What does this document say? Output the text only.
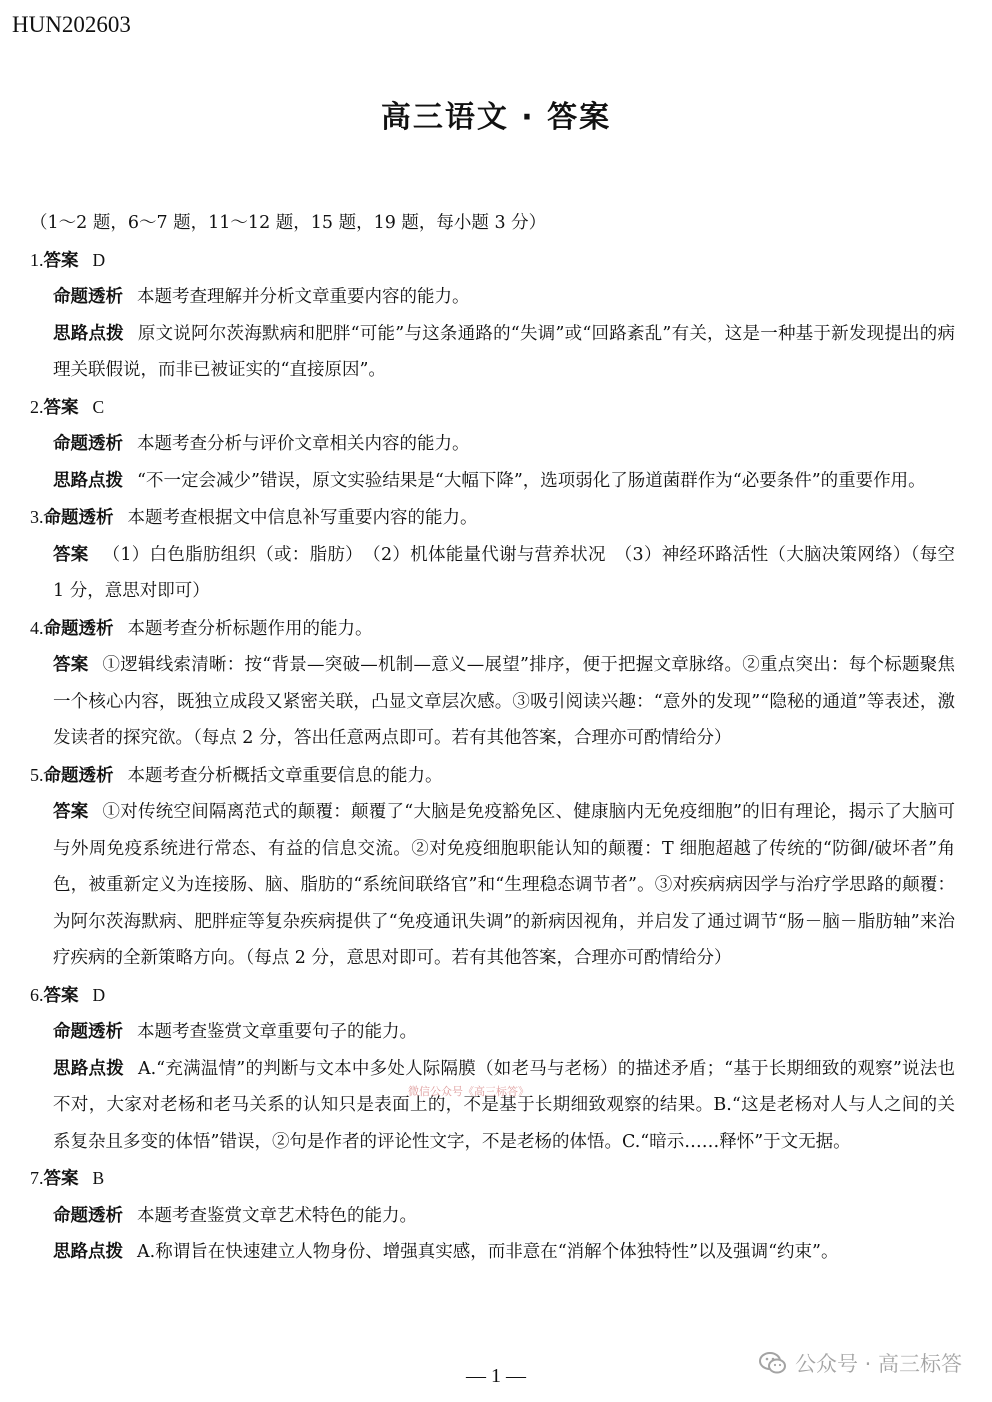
HUN202603
高三语文 · 答案

（1～2 题，6～7 题，11～12 题，15 题，19 题，每小题 3 分）

1.答案 D

命题透析 本题考查理解并分析文章重要内容的能力。

思路点拨 原文说阿尔茨海默病和肥胖“可能”与这条通路的“失调”或“回路紊乱”有关，这是一种基于新发现提出的病理关联假说，而非已被证实的“直接原因”。

2.答案 C

命题透析 本题考查分析与评价文章相关内容的能力。

思路点拨 “不一定会减少”错误，原文实验结果是“大幅下降”，选项弱化了肠道菌群作为“必要条件”的重要作用。

3.命题透析 本题考查根据文中信息补写重要内容的能力。

答案 （1）白色脂肪组织（或：脂肪）　（2）机体能量代谢与营养状况　（3）神经环路活性（大脑决策网络）（每空 1 分，意思对即可）

4.命题透析 本题考查分析标题作用的能力。

答案 ①逻辑线索清晰：按“背景—突破—机制—意义—展望”排序，便于把握文章脉络。②重点突出：每个标题聚焦一个核心内容，既独立成段又紧密关联，凸显文章层次感。③吸引阅读兴趣：“意外的发现”“隐秘的通道”等表述，激发读者的探究欲。（每点 2 分，答出任意两点即可。若有其他答案，合理亦可酌情给分）

5.命题透析 本题考查分析概括文章重要信息的能力。

答案 ①对传统空间隔离范式的颠覆：颠覆了“大脑是免疫豁免区、健康脑内无免疫细胞”的旧有理论，揭示了大脑可与外周免疫系统进行常态、有益的信息交流。②对免疫细胞职能认知的颠覆：T 细胞超越了传统的“防御/破坏者”角色，被重新定义为连接肠、脑、脂肪的“系统间联络官”和“生理稳态调节者”。③对疾病病因学与治疗学思路的颠覆：为阿尔茨海默病、肥胖症等复杂疾病提供了“免疫通讯失调”的新病因视角，并启发了通过调节“肠－脑－脂肪轴”来治疗疾病的全新策略方向。（每点 2 分，意思对即可。若有其他答案，合理亦可酌情给分）

6.答案 D

命题透析 本题考查鉴赏文章重要句子的能力。

思路点拨 A.“充满温情”的判断与文本中多处人际隔膜（如老马与老杨）的描述矛盾；“基于长期细致的观察”说法也不对，大家对老杨和老马关系的认知只是表面上的，不是基于长期细致观察的结果。B.“这是老杨对人与人之间的关系复杂且多变的体悟”错误，②句是作者的评论性文字，不是老杨的体悟。C.“暗示……释怀”于文无据。

7.答案 B

命题透析 本题考查鉴赏文章艺术特色的能力。

思路点拨 A.称谓旨在快速建立人物身份、增强真实感，而非意在“消解个体独特性”以及强调“约束”。

微信公众号《高三标答》
公众号 · 高三标答
— 1 —
